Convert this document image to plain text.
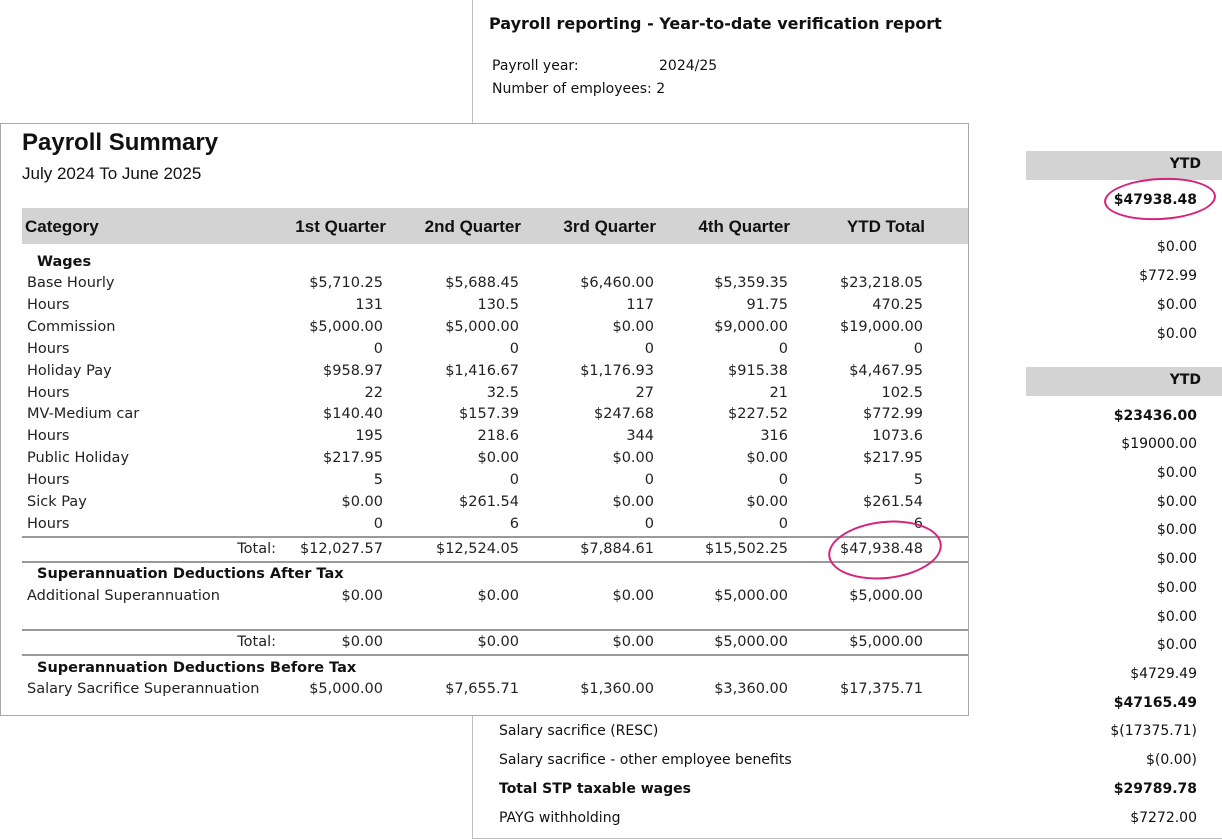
Payroll reporting - Year-to-date verification report
Payroll year:	2024/25
Number of employees: 2
YTD
$47938.48
$0.00
$772.99
$0.00
$0.00
YTD
$23436.00
$19000.00
$0.00
$0.00
$0.00
$0.00
$0.00
$0.00
$0.00
$4729.49
$47165.49
Salary sacrifice (RESC)	$(17375.71)
Salary sacrifice - other employee benefits	$(0.00)
Total STP taxable wages	$29789.78
PAYG withholding	$7272.00
Payroll Summary
July 2024 To June 2025
Category	1st Quarter	2nd Quarter	3rd Quarter	4th Quarter	YTD Total
Wages
Base Hourly	$5,710.25	$5,688.45	$6,460.00	$5,359.35	$23,218.05
Hours	131	130.5	117	91.75	470.25
Commission	$5,000.00	$5,000.00	$0.00	$9,000.00	$19,000.00
Hours	0	0	0	0	0
Holiday Pay	$958.97	$1,416.67	$1,176.93	$915.38	$4,467.95
Hours	22	32.5	27	21	102.5
MV-Medium car	$140.40	$157.39	$247.68	$227.52	$772.99
Hours	195	218.6	344	316	1073.6
Public Holiday	$217.95	$0.00	$0.00	$0.00	$217.95
Hours	5	0	0	0	5
Sick Pay	$0.00	$261.54	$0.00	$0.00	$261.54
Hours	0	6	0	0	6
Total:	$12,027.57	$12,524.05	$7,884.61	$15,502.25	$47,938.48
Superannuation Deductions After Tax
Additional Superannuation	$0.00	$0.00	$0.00	$5,000.00	$5,000.00
Total:	$0.00	$0.00	$0.00	$5,000.00	$5,000.00
Superannuation Deductions Before Tax
Salary Sacrifice Superannuation	$5,000.00	$7,655.71	$1,360.00	$3,360.00	$17,375.71
